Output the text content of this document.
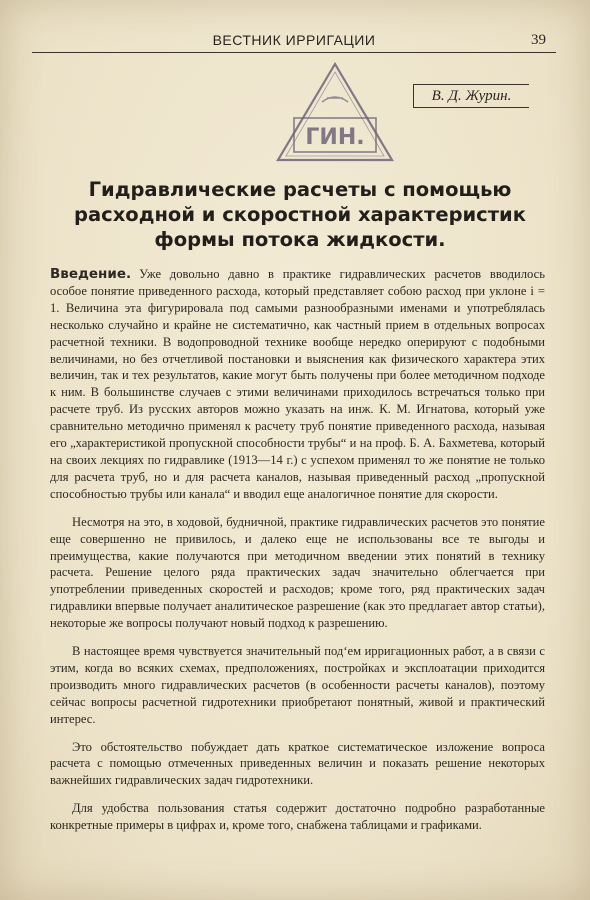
ВЕСТНИК ИРРИГАЦИИ	39
ГИН.
В. Д. Журин.
Гидравлические расчеты с помощью расходной и скоростной характеристик формы потока жидкости.

Введение. Уже довольно давно в практике гидравлических расчетов вводилось особое понятие приведенного расхода, который представляет собою расход при уклоне i = 1. Величина эта фигурировала под самыми разнообразными именами и употреблялась несколько случайно и крайне не систематично, как частный прием в отдельных вопросах расчетной техники. В водопроводной технике вообще нередко оперируют с подобными величинами, но без отчетливой постановки и выяснения как физического характера этих величин, так и тех результатов, какие могут быть получены при более методичном подходе к ним. В большинстве случаев с этими величинами приходилось встречаться только при расчете труб. Из русских авторов можно указать на инж. К. М. Игнатова, который уже сравнительно методично применял к расчету труб понятие приведенного расхода, называя его „характеристикой пропускной способности трубы“ и на проф. Б. А. Бахметева, который на своих лекциях по гидравлике (1913—14 г.) с успехом применял то же понятие не только для расчета труб, но и для расчета каналов, называя приведенный расход „пропускной способностью трубы или канала“ и вводил еще аналогичное понятие для скорости.

Несмотря на это, в ходовой, будничной, практике гидравлических расчетов это понятие еще совершенно не привилось, и далеко еще не использованы все те выгоды и преимущества, какие получаются при методичном введении этих понятий в технику расчета. Решение целого ряда практических задач значительно облегчается при употреблении приведенных скоростей и расходов; кроме того, ряд практических задач гидравлики впервые получает аналитическое разрешение (как это предлагает автор статьи), некоторые же вопросы получают новый подход к разрешению.

В настоящее время чувствуется значительный под‘ем ирригационных работ, а в связи с этим, когда во всяких схемах, предположениях, постройках и эксплоатации приходится производить много гидравлических расчетов (в особенности расчеты каналов), поэтому сейчас вопросы расчетной гидротехники приобретают понятный, живой и практический интерес.

Это обстоятельство побуждает дать краткое систематическое изложение вопроса расчета с помощью отмеченных приведенных величин и показать решение некоторых важнейших гидравлических задач гидротехники.

Для удобства пользования статья содержит достаточно подробно разработанные конкретные примеры в цифрах и, кроме того, снабжена таблицами и графиками.
